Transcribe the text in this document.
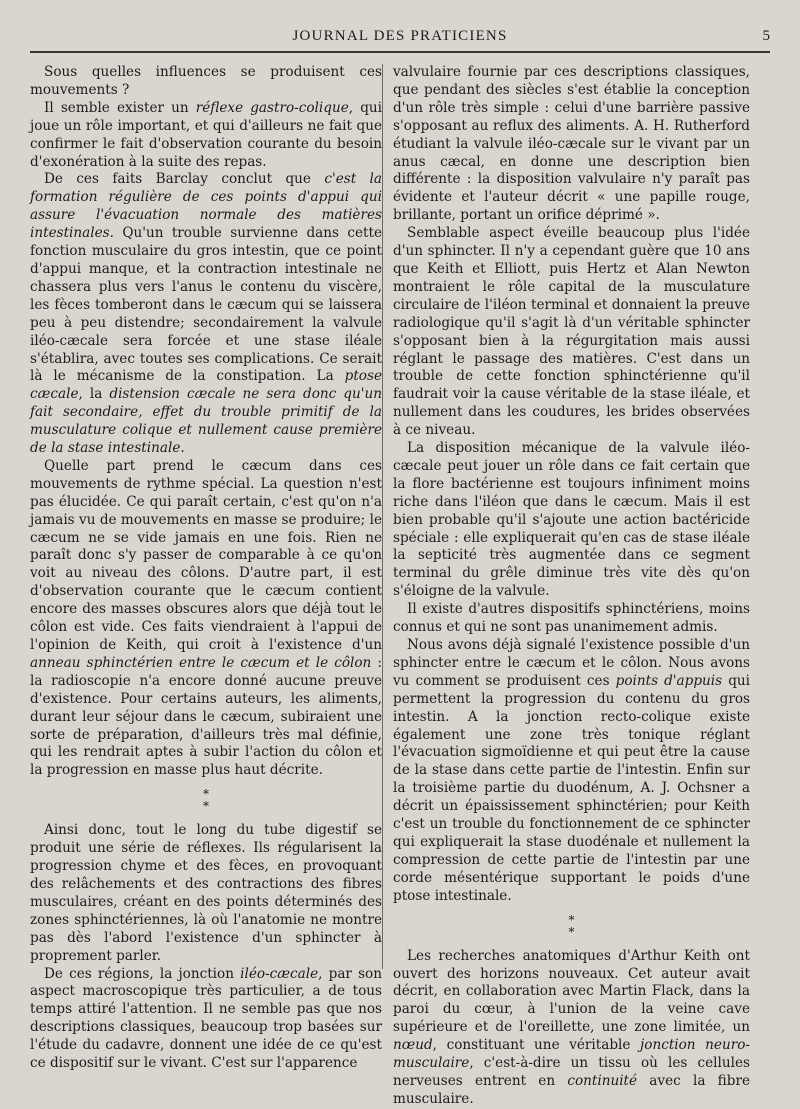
JOURNAL DES PRATICIENS	5

Sous quelles influences se produisent ces mouvements ?

Il semble exister un réflexe gastro-colique, qui joue un rôle important, et qui d'ailleurs ne fait que confirmer le fait d'observation courante du besoin d'exonération à la suite des repas.

De ces faits Barclay conclut que c'est la formation régulière de ces points d'appui qui assure l'évacuation normale des matières intestinales. Qu'un trouble survienne dans cette fonction musculaire du gros intestin, que ce point d'appui manque, et la contraction intestinale ne chassera plus vers l'anus le contenu du viscère, les fèces tomberont dans le cæcum qui se laissera peu à peu distendre; secondairement la valvule iléo-cæcale sera forcée et une stase iléale s'établira, avec toutes ses complications. Ce serait là le mécanisme de la constipation. La ptose cæcale, la distension cæcale ne sera donc qu'un fait secondaire, effet du trouble primitif de la musculature colique et nullement cause première de la stase intestinale.

Quelle part prend le cæcum dans ces mouvements de rythme spécial. La question n'est pas élucidée. Ce qui paraît certain, c'est qu'on n'a jamais vu de mouvements en masse se produire; le cæcum ne se vide jamais en une fois. Rien ne paraît donc s'y passer de comparable à ce qu'on voit au niveau des côlons. D'autre part, il est d'observation courante que le cæcum contient encore des masses obscures alors que déjà tout le côlon est vide. Ces faits viendraient à l'appui de l'opinion de Keith, qui croit à l'existence d'un anneau sphinctérien entre le cæcum et le côlon : la radioscopie n'a encore donné aucune preuve d'existence. Pour certains auteurs, les aliments, durant leur séjour dans le cæcum, subiraient une sorte de préparation, d'ailleurs très mal définie, qui les rendrait aptes à subir l'action du côlon et la progression en masse plus haut décrite.

*
*

Ainsi donc, tout le long du tube digestif se produit une série de réflexes. Ils régularisent la progression chyme et des fèces, en provoquant des relâchements et des contractions des fibres musculaires, créant en des points déterminés des zones sphinctériennes, là où l'anatomie ne montre pas dès l'abord l'existence d'un sphincter à proprement parler.

De ces régions, la jonction iléo-cæcale, par son aspect macroscopique très particulier, a de tous temps attiré l'attention. Il ne semble pas que nos descriptions classiques, beaucoup trop basées sur l'étude du cadavre, donnent une idée de ce qu'est ce dispositif sur le vivant. C'est sur l'apparence

valvulaire fournie par ces descriptions classiques, que pendant des siècles s'est établie la conception d'un rôle très simple : celui d'une barrière passive s'opposant au reflux des aliments. A. H. Rutherford étudiant la valvule iléo-cæcale sur le vivant par un anus cæcal, en donne une description bien différente : la disposition valvulaire n'y paraît pas évidente et l'auteur décrit « une papille rouge, brillante, portant un orifice déprimé ».

Semblable aspect éveille beaucoup plus l'idée d'un sphincter. Il n'y a cependant guère que 10 ans que Keith et Elliott, puis Hertz et Alan Newton montraient le rôle capital de la musculature circulaire de l'iléon terminal et donnaient la preuve radiologique qu'il s'agit là d'un véritable sphincter s'opposant bien à la régurgitation mais aussi réglant le passage des matières. C'est dans un trouble de cette fonction sphinctérienne qu'il faudrait voir la cause véritable de la stase iléale, et nullement dans les coudures, les brides observées à ce niveau.

La disposition mécanique de la valvule iléo-cæcale peut jouer un rôle dans ce fait certain que la flore bactérienne est toujours infiniment moins riche dans l'iléon que dans le cæcum. Mais il est bien probable qu'il s'ajoute une action bactéricide spéciale : elle expliquerait qu'en cas de stase iléale la septicité très augmentée dans ce segment terminal du grêle diminue très vite dès qu'on s'éloigne de la valvule.

Il existe d'autres dispositifs sphinctériens, moins connus et qui ne sont pas unanimement admis.

Nous avons déjà signalé l'existence possible d'un sphincter entre le cæcum et le côlon. Nous avons vu comment se produisent ces points d'appuis qui permettent la progression du contenu du gros intestin. A la jonction recto-colique existe également une zone très tonique réglant l'évacuation sigmoïdienne et qui peut être la cause de la stase dans cette partie de l'intestin. Enfin sur la troisième partie du duodénum, A. J. Ochsner a décrit un épaississement sphinctérien; pour Keith c'est un trouble du fonctionnement de ce sphincter qui expliquerait la stase duodénale et nullement la compression de cette partie de l'intestin par une corde mésentérique supportant le poids d'une ptose intestinale.

*
*

Les recherches anatomiques d'Arthur Keith ont ouvert des horizons nouveaux. Cet auteur avait décrit, en collaboration avec Martin Flack, dans la paroi du cœur, à l'union de la veine cave supérieure et de l'oreillette, une zone limitée, un nœud, constituant une véritable jonction neuro-musculaire, c'est-à-dire un tissu où les cellules nerveuses entrent en continuité avec la fibre musculaire.
